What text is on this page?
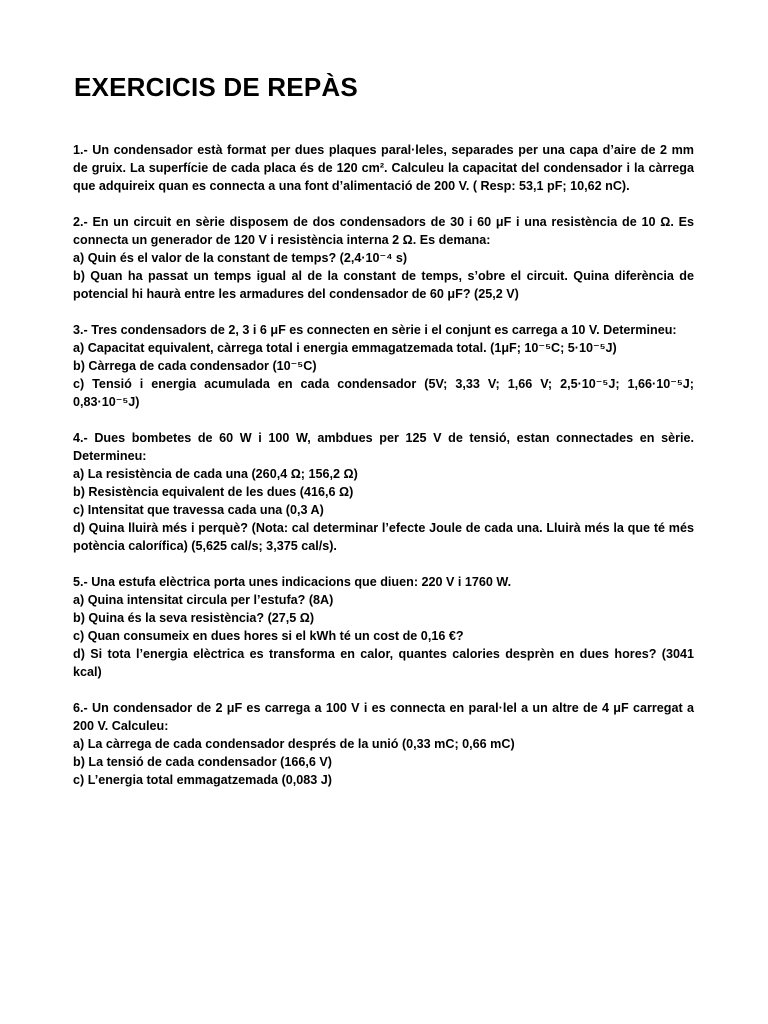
EXERCICIS DE REPÀS

1.- Un condensador està format per dues plaques paral·leles, separades per una capa d’aire de 2 mm de gruix. La superfície de cada placa és de 120 cm². Calculeu la capacitat del condensador i la càrrega que adquireix quan es connecta a una font d’alimentació de 200 V. ( Resp: 53,1 pF; 10,62 nC).

2.- En un circuit en sèrie disposem de dos condensadors de 30 i 60 μF i una resistència de 10 Ω. Es connecta un generador de 120 V i resistència interna 2 Ω. Es demana:

a) Quin és el valor de la constant de temps? (2,4·10⁻⁴ s)

b) Quan ha passat un temps igual al de la constant de temps, s’obre el circuit. Quina diferència de potencial hi haurà entre les armadures del condensador de 60 μF? (25,2 V)

3.- Tres condensadors de 2, 3 i 6 μF es connecten en sèrie i el conjunt es carrega a 10 V. Determineu:

a) Capacitat equivalent, càrrega total i energia emmagatzemada total. (1μF; 10⁻⁵C; 5·10⁻⁵J)

b) Càrrega de cada condensador (10⁻⁵C)

c) Tensió i energia acumulada en cada condensador (5V; 3,33 V; 1,66 V; 2,5·10⁻⁵J; 1,66·10⁻⁵J; 0,83·10⁻⁵J)

4.- Dues bombetes de 60 W i 100 W, ambdues per 125 V de tensió, estan connectades en sèrie. Determineu:

a) La resistència de cada una (260,4 Ω; 156,2 Ω)

b) Resistència equivalent de les dues (416,6 Ω)

c) Intensitat que travessa cada una (0,3 A)

d) Quina lluirà més i perquè? (Nota: cal determinar l’efecte Joule de cada una. Lluirà més la que té més potència calorífica) (5,625 cal/s; 3,375 cal/s).

5.- Una estufa elèctrica porta unes indicacions que diuen: 220 V i 1760 W.

a) Quina intensitat circula per l’estufa? (8A)

b) Quina és la seva resistència? (27,5 Ω)

c) Quan consumeix en dues hores si el kWh té un cost de 0,16 €?

d) Si tota l’energia elèctrica es transforma en calor, quantes calories desprèn en dues hores? (3041 kcal)

6.- Un condensador de 2 μF es carrega a 100 V i es connecta en paral·lel a un altre de 4 μF carregat a 200 V. Calculeu:

a) La càrrega de cada condensador després de la unió (0,33 mC; 0,66 mC)

b) La tensió de cada condensador (166,6 V)

c) L’energia total emmagatzemada (0,083 J)
